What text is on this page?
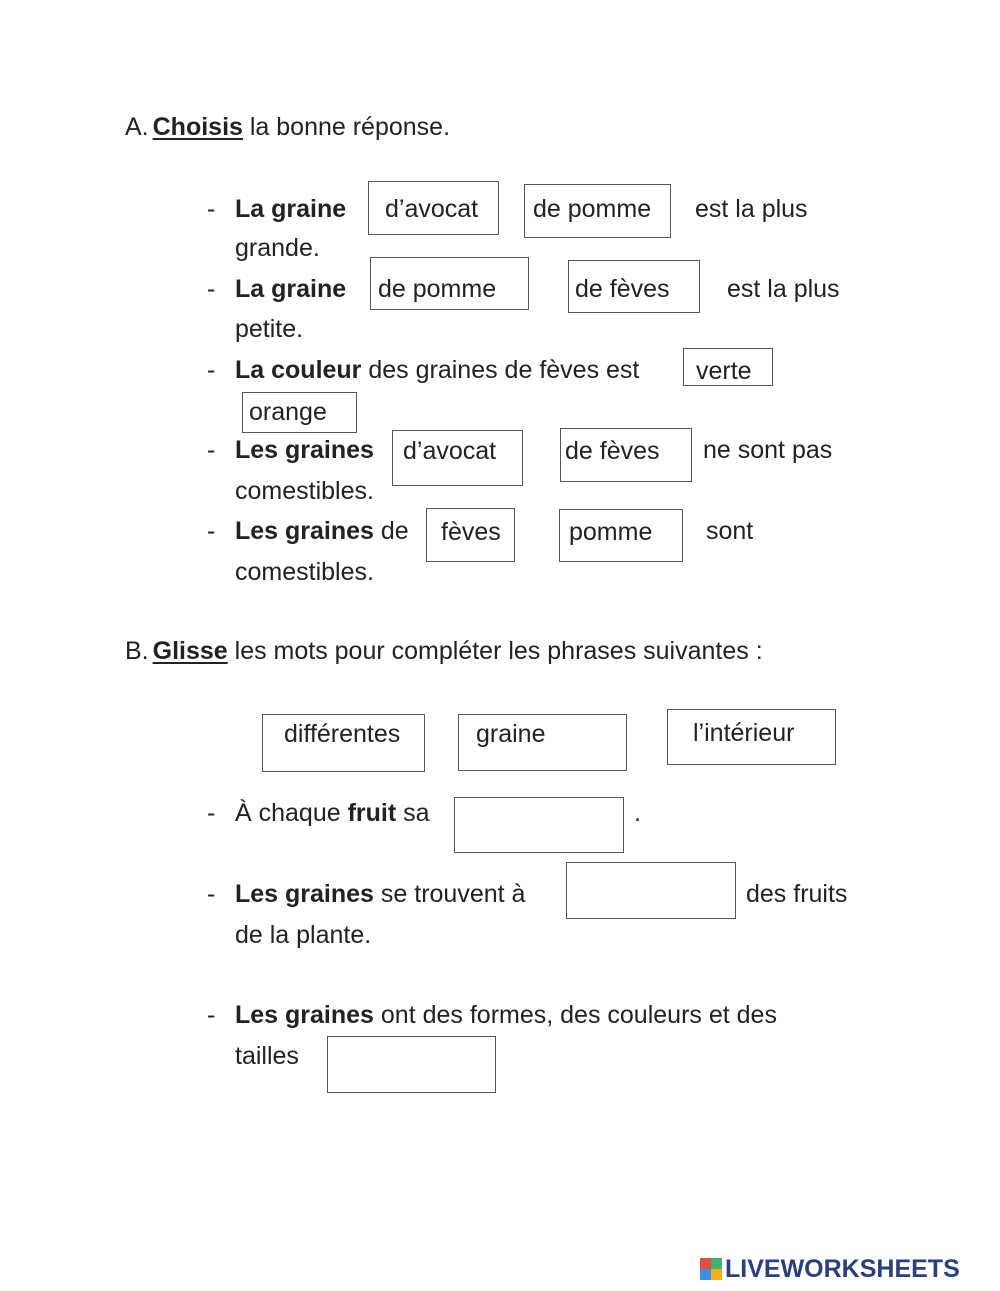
A. Choisis la bonne réponse.
- La graine d’avocat de pomme est la plus
grande.
- La graine de pomme	de fèves est la plus
petite.
- La couleur des graines de fèves est verte
orange
- Les graines d’avocat	de fèves ne sont pas
comestibles.
- Les graines de fèves	pomme sont
comestibles.
B. Glisse les mots pour compléter les phrases suivantes :
différentes	graine	l’intérieur
- À chaque fruit sa	.
- Les graines se trouvent à	des fruits
de la plante.
- Les graines ont des formes, des couleurs et des
tailles
LIVEWORKSHEETS
